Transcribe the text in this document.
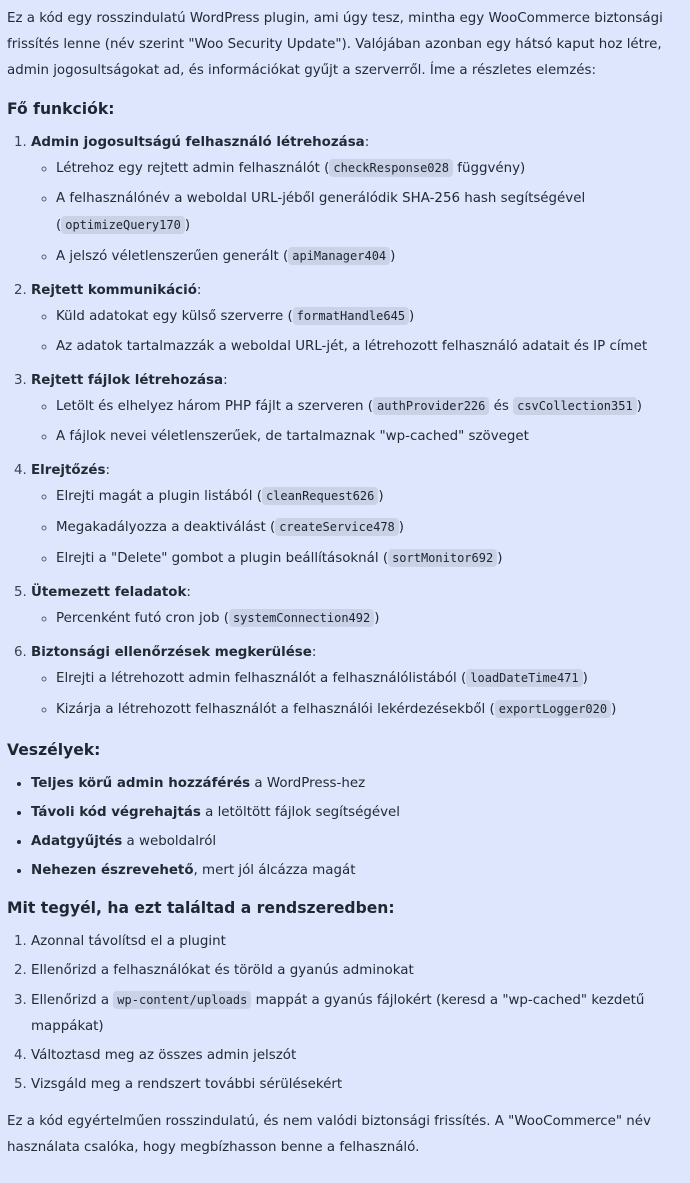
Ez a kód egy rosszindulatú WordPress plugin, ami úgy tesz, mintha egy WooCommerce biztonsági frissítés lenne (név szerint "Woo Security Update"). Valójában azonban egy hátsó kaput hoz létre, admin jogosultságokat ad, és információkat gyűjt a szerverről. Íme a részletes elemzés:

Fő funkciók:
1. Admin jogosultságú felhasználó létrehozása:
◦ Létrehoz egy rejtett admin felhasználót ( checkResponse028 függvény)
◦ A felhasználónév a weboldal URL-jéből generálódik SHA-256 hash segítségével ( optimizeQuery170 )
◦ A jelszó véletlenszerűen generált ( apiManager404 )
2. Rejtett kommunikáció:
◦ Küld adatokat egy külső szerverre ( formatHandle645 )
◦ Az adatok tartalmazzák a weboldal URL-jét, a létrehozott felhasználó adatait és IP címet
3. Rejtett fájlok létrehozása:
◦ Letölt és elhelyez három PHP fájlt a szerveren ( authProvider226 és csvCollection351 )
◦ A fájlok nevei véletlenszerűek, de tartalmaznak "wp-cached" szöveget
4. Elrejtőzés:
◦ Elrejti magát a plugin listából ( cleanRequest626 )
◦ Megakadályozza a deaktiválást ( createService478 )
◦ Elrejti a "Delete" gombot a plugin beállításoknál ( sortMonitor692 )
5. Ütemezett feladatok:
◦ Percenként futó cron job ( systemConnection492 )
6. Biztonsági ellenőrzések megkerülése:
◦ Elrejti a létrehozott admin felhasználót a felhasználólistából ( loadDateTime471 )
◦ Kizárja a létrehozott felhasználót a felhasználói lekérdezésekből ( exportLogger020 )
Veszélyek:
• Teljes körű admin hozzáférés a WordPress-hez
• Távoli kód végrehajtás a letöltött fájlok segítségével
• Adatgyűjtés a weboldalról
• Nehezen észrevehető, mert jól álcázza magát
Mit tegyél, ha ezt találtad a rendszeredben:
1. Azonnal távolítsd el a plugint
2. Ellenőrizd a felhasználókat és töröld a gyanús adminokat
3. Ellenőrizd a wp-content/uploads mappát a gyanús fájlokért (keresd a "wp-cached" kezdetű mappákat)
4. Változtasd meg az összes admin jelszót
5. Vizsgáld meg a rendszert további sérülésekért

Ez a kód egyértelműen rosszindulatú, és nem valódi biztonsági frissítés. A "WooCommerce" név használata csalóka, hogy megbízhasson benne a felhasználó.
